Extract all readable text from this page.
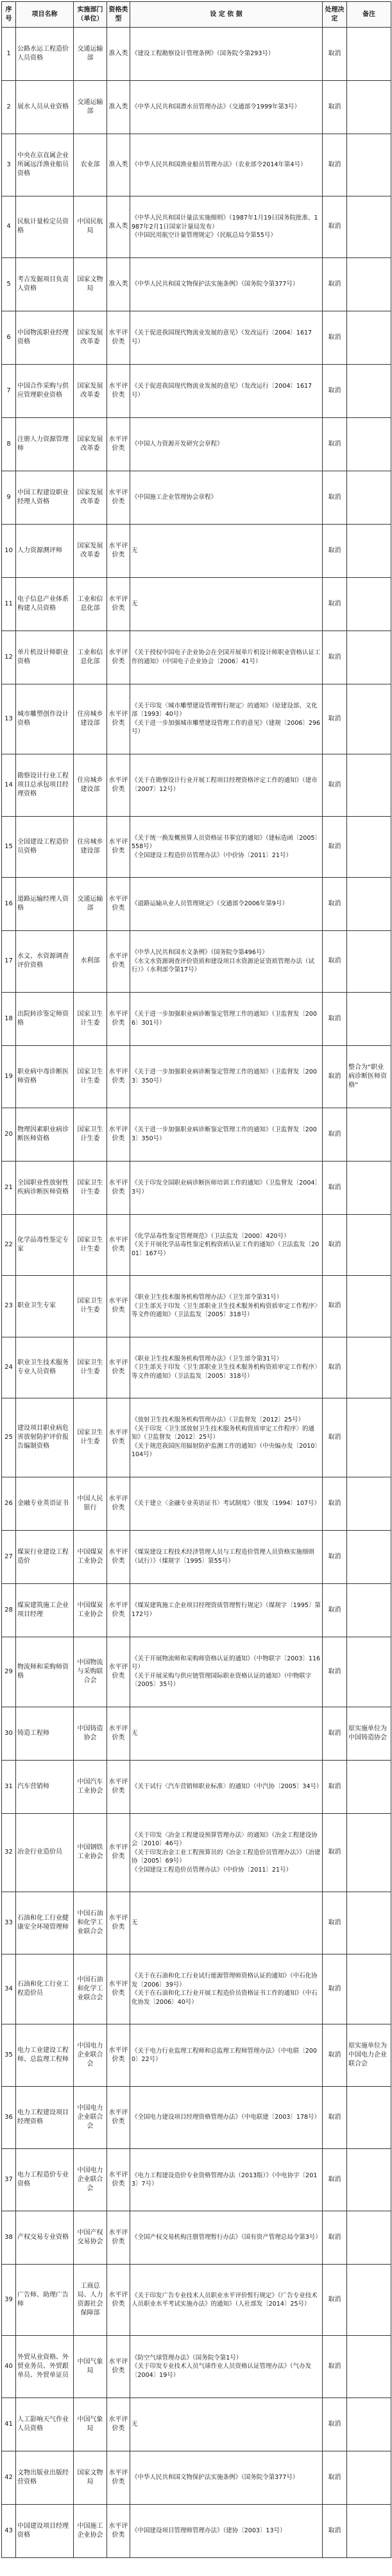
序号	项目名称	实施部门（单位）	资格类型	设 定 依 据	处理决定	备注
1	公路水运工程造价人员资格	交通运输部	准入类	《建设工程勘察设计管理条例》（国务院令第293号）	取消	
2	展水人员从业资格	交通运输部	准入类	《中华人民共和国潜水员管理办法》（交通部令1999年第3号）	取消	
3	中央在京直属企业所属远洋渔业船员资格	农业部	准入类	《中华人民共和国渔业船员管理办法》（农业部令2014年第4号）	取消	
4	民航计量检定员资格	中国民航局	准入类	《中华人民共和国计量法实施细则》（1987年1月19日国务院批准、1987年2月1日国家计量局发布）
《中国民用航空计量管理规定》（民航总局令第55号）	取消	
5	考古发掘项目负责人资格	国家文物局	准入类	《中华人民共和国文物保护法实施条例》（国务院令第377号）	取消	
6	中国物流职业经理资格	国家发展改革委	水平评价类	《关于促进我国现代物流业发展的意见》（发改运行〔2004〕1617号）	取消	
7	中国合作采购与供应管理职业资格	国家发展改革委	水平评价类	《关于促进我国现代物流业发展的意见》（发改运行〔2004〕1617号）	取消	
8	注册人力资源管理师	国家发展改革委	水平评价类	《中国人力资源开发研究会章程》	取消	
9	中国工程建设职业经理人资格	国家发展改革委	水平评价类	《中国施工企业管理协会章程》	取消	
10	人力资源测评师	国家发展改革委	水平评价类	无	取消	
11	电子信息产业体系构建人员资格	工业和信息化部	水平评价类	无	取消	
12	单片机设计师职业资格	工业和信息化部	水平评价类	《关于授权中国电子企业协会在全国开展单片机设计师职业资格认证工作的通知》（中国电子企业协会〔2006〕41号）	取消	
13	城市雕塑创作设计资格	住房城乡建设部	水平评价类	《关于印发〈城市雕塑建设管理暂行规定〉的通知》（原建设部、文化部〔1993〕40号）
《关于进一步加强城市雕塑建设管理工作的意见》（建规〔2006〕296号）	取消	
14	勘察设计行业工程项目总承包项目经理资格	住房城乡建设部	水平评价类	《关于在勘察设计行业开展工程项目经理资格评定工作的通知》（建市〔2007〕12号）	取消	
15	全国建设工程造价员资格	住房城乡建设部	水平评价类	《关于统一换发概预算人员资格证书事宜的通知》（建标造函〔2005〕558号）
《全国建设工程造价员管理办法》（中价协〔2011〕21号）	取消	
16	道路运输经理人资格	交通运输部	水平评价类	《道路运输从业人员管理规定》（交通部令2006年第9号）	取消	
17	水文、水资源调查评价资格	水利部	水平评价类	《中华人民共和国水文条例》（国务院令第496号）
《水文水资源调查评价资质和建设项目水资源论证资质管理办法（试行）》（水利部令第17号）	取消	
18	出院转诊鉴定师资格	国家卫生计生委	水平评价类	《关于进一步加强职业病诊断鉴定管理工作的通知》（卫监督发〔2006〕301号）	取消	
19	职业病中毒诊断医师资格	国家卫生计生委	水平评价类	《关于进一步加强职业病诊断鉴定管理工作的通知》（卫监督发〔2003〕350号）	取消	整合为“职业病诊断医师资格”
20	物理因素职业病诊断医师资格	国家卫生计生委	水平评价类	《关于进一步加强职业病诊断鉴定管理工作的通知》（卫监督发〔2003〕350号）	取消	
21	全国职业性放射性疾病诊断医师资格	国家卫生计生委	水平评价类	《关于印发全国职业病诊断医师培训工作的通知》（卫监督发〔2004〕3号）	取消	
22	化学品毒性鉴定专家	国家卫生计生委	水平评价类	《化学品毒性鉴定管理规范》（卫法监发〔2000〕420号）
《关于开展化学品毒性鉴定机构资质认证工作的通知》（卫法监发〔2001〕167号）	取消	
23	职业卫生专家	国家卫生计生委	水平评价类	《职业卫生技术服务机构管理办法》（卫生部令第31号）
《卫生部关于印发〈卫生部职业卫生技术服务机构资质审定工作程序〉等文件的通知》（卫法监发〔2005〕318号）	取消	
24	职业卫生技术服务专业人员资格	国家卫生计生委	水平评价类	《职业卫生技术服务机构管理办法》（卫生部令第31号）
《卫生部关于印发〈卫生部职业卫生技术服务机构资质审定工作程序〉等文件的通知》（卫法监发〔2005〕318号）	取消	
25	建设项目职业病危害放射防护评价报告编制资格	国家卫生计生委	水平评价类	《放射卫生技术服务机构管理办法》（卫监督发〔2012〕25号）
《关于印发〈卫生部放射卫生技术服务机构资质审定工作程序〉的通知》（卫监督发〔2012〕25号）
《关于规范我国医用辐射防护监测工作的通知》（中央编办发〔2010〕104号）	取消	
26	金融专业英语证书	中国人民银行	水平评价类	《关于建立〈金融专业英语证书〉考试制度》（银发〔1994〕107号）	取消	
27	煤炭行业建设工程造价	中国煤炭工业协会	水平评价类	《煤炭建设工程技术经济管理人员与工程造价管理人员资格实施细则（试行）》（煤规字〔1995〕第55号）	取消	
28	煤炭建筑施工企业项目经理	中国煤炭工业协会	水平评价类	《煤炭建筑施工企业项目经理资质管理暂行规定》（煤规字〔1995〕第172号）	取消	
29	物流师和采购师资格	中国物流与采购联合会	水平评价类	《关于开展物流师和采购师资格认证的通知》（中物联字〔2003〕116号）
《关于开展采购与供应链管理国际职业资格认证的通知》（中物联字〔2005〕35号）	取消	
30	铸造工程师	中国铸造协会	水平评价类	无	取消	原实施单位为中国铸造协会
31	汽车营销师	中国汽车工业协会	水平评价类	《关于试行〈汽车营销师职业标准〉的通知》（中汽协〔2005〕34号）	取消	
32	冶金行业造价员	中国钢铁工业协会	水平评价类	《关于印发〈冶金工程建设预算管理办法〉的通知》（冶金工程建设协会〔2010〕46号）
《关于印发冶金工业工程预算员的《冶金工程造价员管理办法》》（冶建协〔2005〕69号）
《全国建设工程造价员管理办法》（中价协〔2011〕21号）	取消	
33	石油和化工行业健康安全环境管理师	中国石油和化学工业联合会	水平评价类	无	取消	
34	石油和化工行业工程造价员	中国石油和化学工业联合会	水平评价类	《关于在石油和化工行业试行能源管理师资格认证的通知》（中石化协发〔2006〕39号）
《关于在石油和化工行业开展工程造价员资格证书工作的通知》（中石化协发〔2006〕40号）	取消	
35	电力工业建设工程师、总监理工程师	中国电力企业联合会	水平评价类	《关于电力行业监理工程师和总监理工程师管理办法》（中电联〔2000〕22号）	取消	原实施单位为中国电力企业联合会
36	电力工程建设项目经理资格	中国电力企业联合会	水平评价类	《全国电力建设项目经理资格管理办法》（中电联建〔2003〕178号）	取消	
37	电力工程造价专业资格	中国电力企业联合会	水平评价类	《电力工程建设造价专业资格管理办法（2013版）》（中电协字〔2013〕7号）	取消	
38	产权交易专业资格	中国产权交易协会	水平评价类	《全国产权交易机构注册管理暂行办法》（国有资产管理总局令第3号）	取消	
39	广告师、助理广告师	工商总局、人力资源社会保障部	水平评价类	《关于印发广告专业技术人员职业水平评价暂行规定》《广告专业技术人员职业水平考试实施办法》的通知》（人社部发〔2014〕25号）	取消	
40	外贸从业资格、外贸业务员、外贸跟单员、外贸单证员	中国气象局	水平评价类	《防空气球管理办法》（国务院令第1号）
《关于印发专业技术人员气球作业人员资格认证管理办法》（气办发〔2004〕19号）	取消	
41	人工影响天气作业人员资格	中国气象局	水平评价类	无	取消	
42	文物出版业出版经营资格	国家文物局	水平评价类	《中华人民共和国文物保护法实施条例》（国务院令第377号）	取消	
43	中国建设项目经理资格	中国施工企业协会	水平评价类	《中国建设项目管理师管理办法》（建协〔2003〕13号）	取消	
